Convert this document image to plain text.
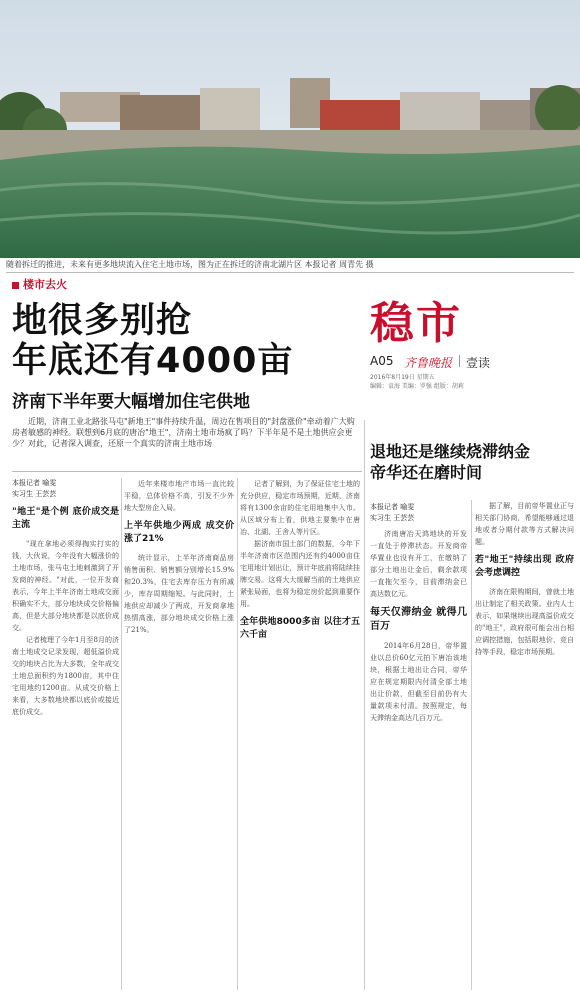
随着拆迁的推进，未来有更多地块流入住宅土地市场，图为正在拆迁的济南北湖片区 本报记者 周青先 摄
楼市去火
地很多别抢
年底还有4000亩
济南下半年要大幅增加住宅供地
稳市
A05 齐鲁晚报 壹读
2016年8月19日 星期五
编辑：袁海 美编：罗强 组版：胡莉
近期，济南工业北路张马屯"新地王"事件持续升温，周边在售项目的"封盘涨价"牵动着广大购房者敏感的神经。联想到6月底的唐冶"地王"，济南土地市场疯了吗？下半年是不是土地供应会更少？对此，记者深入调查，还原一个真实的济南土地市场
本报记者 喻雯
实习生 王芸芸
"地王"是个例 底价成交是主流

"现在拿地必须得掏实打实的钱，大伙说，今年没有大幅涨价的土地市场，张马屯土地刺激到了开发商的神经。"对此，一位开发商表示，今年上半年济南土地成交面积确实不大，部分地块成交价格偏高，但是大部分地块都是以底价成交。

记者梳理了今年1月至8月的济南土地成交记录发现，超低溢价成交的地块占比为大多数，全年成交土地总面积约为1800亩，其中住宅用地约1200亩。从成交价格上来看，大多数地块都以底价或接近底价成交。

近年来楼市地产市场一直比较平稳，总体价格不高，引发不少外地大型房企入局。

上半年供地少两成 成交价涨了21%

统计显示，上半年济南商品房销售面积、销售额分别增长15.9%和20.3%，住宅去库存压力有所减少，库存周期缩短。与此同时，土地供应却减少了两成，开发商拿地热情高涨，部分地块成交价格上涨了21%。

记者了解到，为了保证住宅土地的充分供应，稳定市场预期，近期，济南将有1300余亩的住宅用地集中入市。从区域分布上看，供地主要集中在唐冶、北湖、王舍人等片区。

据济南市国土部门的数据，今年下半年济南市区范围内还有约4000亩住宅用地计划出让，预计年底前将陆续挂牌交易。这将大大缓解当前的土地供应紧张局面，也将为稳定房价起到重要作用。

全年供地8000多亩 以往才五六千亩
退地还是继续烧滞纳金
帝华还在磨时间
本报记者 喻雯
实习生 王芸芸

济南唐冶天鸿地块的开发一直处于停滞状态。开发商帝华置业也没有开工，在缴纳了部分土地出让金后，剩余款项一直拖欠至今，目前滞纳金已高达数亿元。

每天仅滞纳金 就得几百万

2014年6月28日，帝华置业以总价60亿元拍下唐冶该地块，根据土地出让合同，帝华应在规定期限内付清全部土地出让价款，但截至目前仍有大量款项未付清。按照规定，每天滞纳金高达几百万元。

据了解，目前帝华置业正与相关部门协商，希望能够通过退地或者分期付款等方式解决问题。

若"地王"持续出现 政府会考虑调控

济南在限购期间，曾就土地出让制定了相关政策。业内人士表示，如果继续出现高溢价成交的"地王"，政府很可能会出台相应调控措施，包括限地价、竞自持等手段，稳定市场预期。
